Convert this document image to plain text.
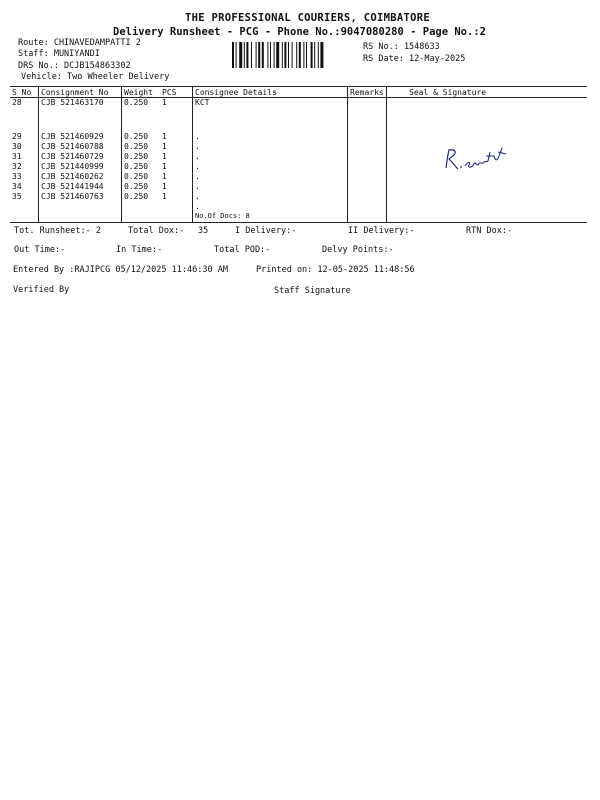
THE PROFESSIONAL COURIERS, COIMBATORE
Delivery Runsheet - PCG - Phone No.:9047080280 - Page No.:2
Route: CHINAVEDAMPATTI 2
Staff: MUNIYANDI
DRS No.: DCJB154863302
Vehicle: Two Wheeler Delivery
RS No.: 1548633
RS Date: 12-May-2025
S No	Consignment No	Weight	PCS	Consignee Details	Remarks	Seal & Signature
28	CJB 521463170	0.250	1	KCT		

29	CJB 521460929	0.250	1	.		
30	CJB 521460788	0.250	1	.		
31	CJB 521460729	0.250	1	.		
32	CJB 521440999	0.250	1	.		
33	CJB 521460262	0.250	1	.		
34	CJB 521441944	0.250	1	.		
35	CJB 521460763	0.250	1	.		
				.		
				No.Of Docs: 8		

Tot. Runsheet:- 2	Total Dox:- 35	I Delivery:-	II Delivery:-	RTN Dox:-
Out Time:-	In Time:-	Total POD:-	Delvy Points:-
Entered By :RAJIPCG 05/12/2025 11:46:30 AM	Printed on: 12-05-2025 11:48:56
Verified By	Staff Signature
